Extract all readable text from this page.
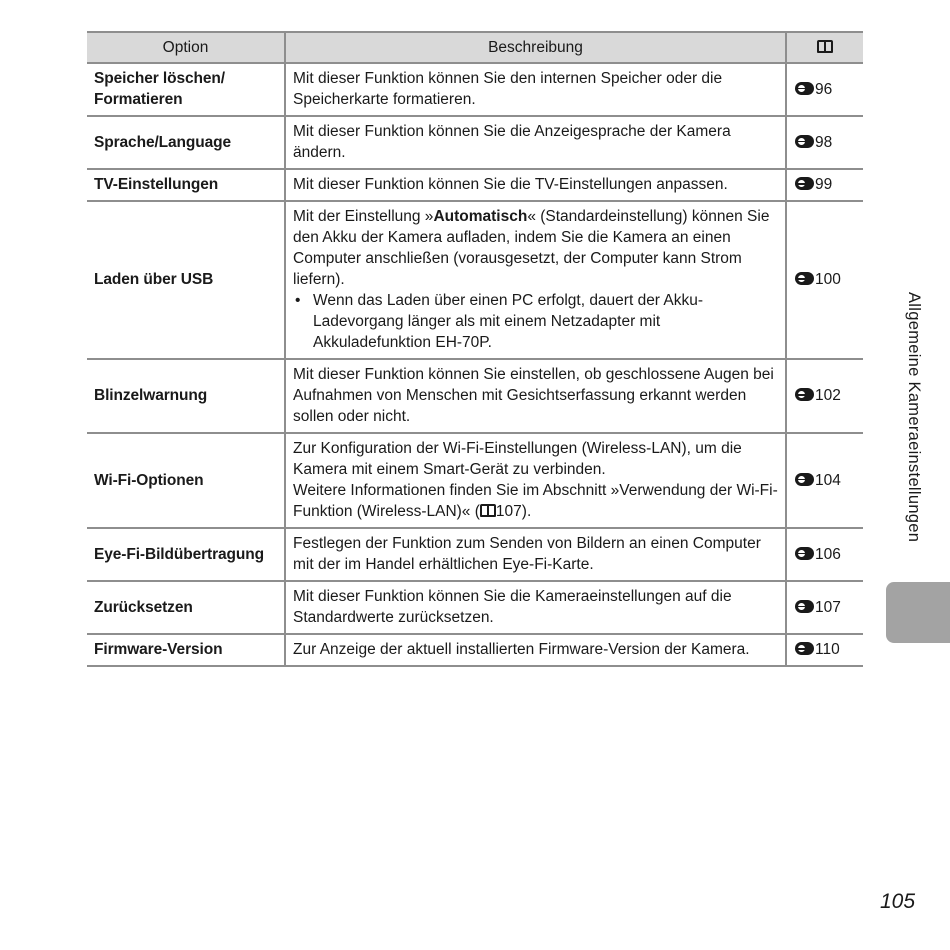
Option	Beschreibung	
Speicher löschen/ Formatieren	Mit dieser Funktion können Sie den internen Speicher oder die Speicherkarte formatieren.	96
Sprache/Language	Mit dieser Funktion können Sie die Anzeigesprache der Kamera ändern.	98
TV-Einstellungen	Mit dieser Funktion können Sie die TV-Einstellungen anpassen.	99
Laden über USB	Mit der Einstellung »Automatisch« (Standardeinstellung) können Sie den Akku der Kamera aufladen, indem Sie die Kamera an einen Computer anschließen (vorausgesetzt, der Computer kann Strom liefern).
• Wenn das Laden über einen PC erfolgt, dauert der Akku-Ladevorgang länger als mit einem Netzadapter mit Akkuladefunktion EH-70P.	100
Blinzelwarnung	Mit dieser Funktion können Sie einstellen, ob geschlossene Augen bei Aufnahmen von Menschen mit Gesichtserfassung erkannt werden sollen oder nicht.	102
Wi-Fi-Optionen	Zur Konfiguration der Wi-Fi-Einstellungen (Wireless-LAN), um die Kamera mit einem Smart-Gerät zu verbinden.
Weitere Informationen finden Sie im Abschnitt »Verwendung der Wi-Fi-Funktion (Wireless-LAN)« ( 107).	104
Eye-Fi-Bildübertragung	Festlegen der Funktion zum Senden von Bildern an einen Computer mit der im Handel erhältlichen Eye-Fi-Karte.	106
Zurücksetzen	Mit dieser Funktion können Sie die Kameraeinstellungen auf die Standardwerte zurücksetzen.	107
Firmware-Version	Zur Anzeige der aktuell installierten Firmware-Version der Kamera.	110
Allgemeine Kameraeinstellungen
105
